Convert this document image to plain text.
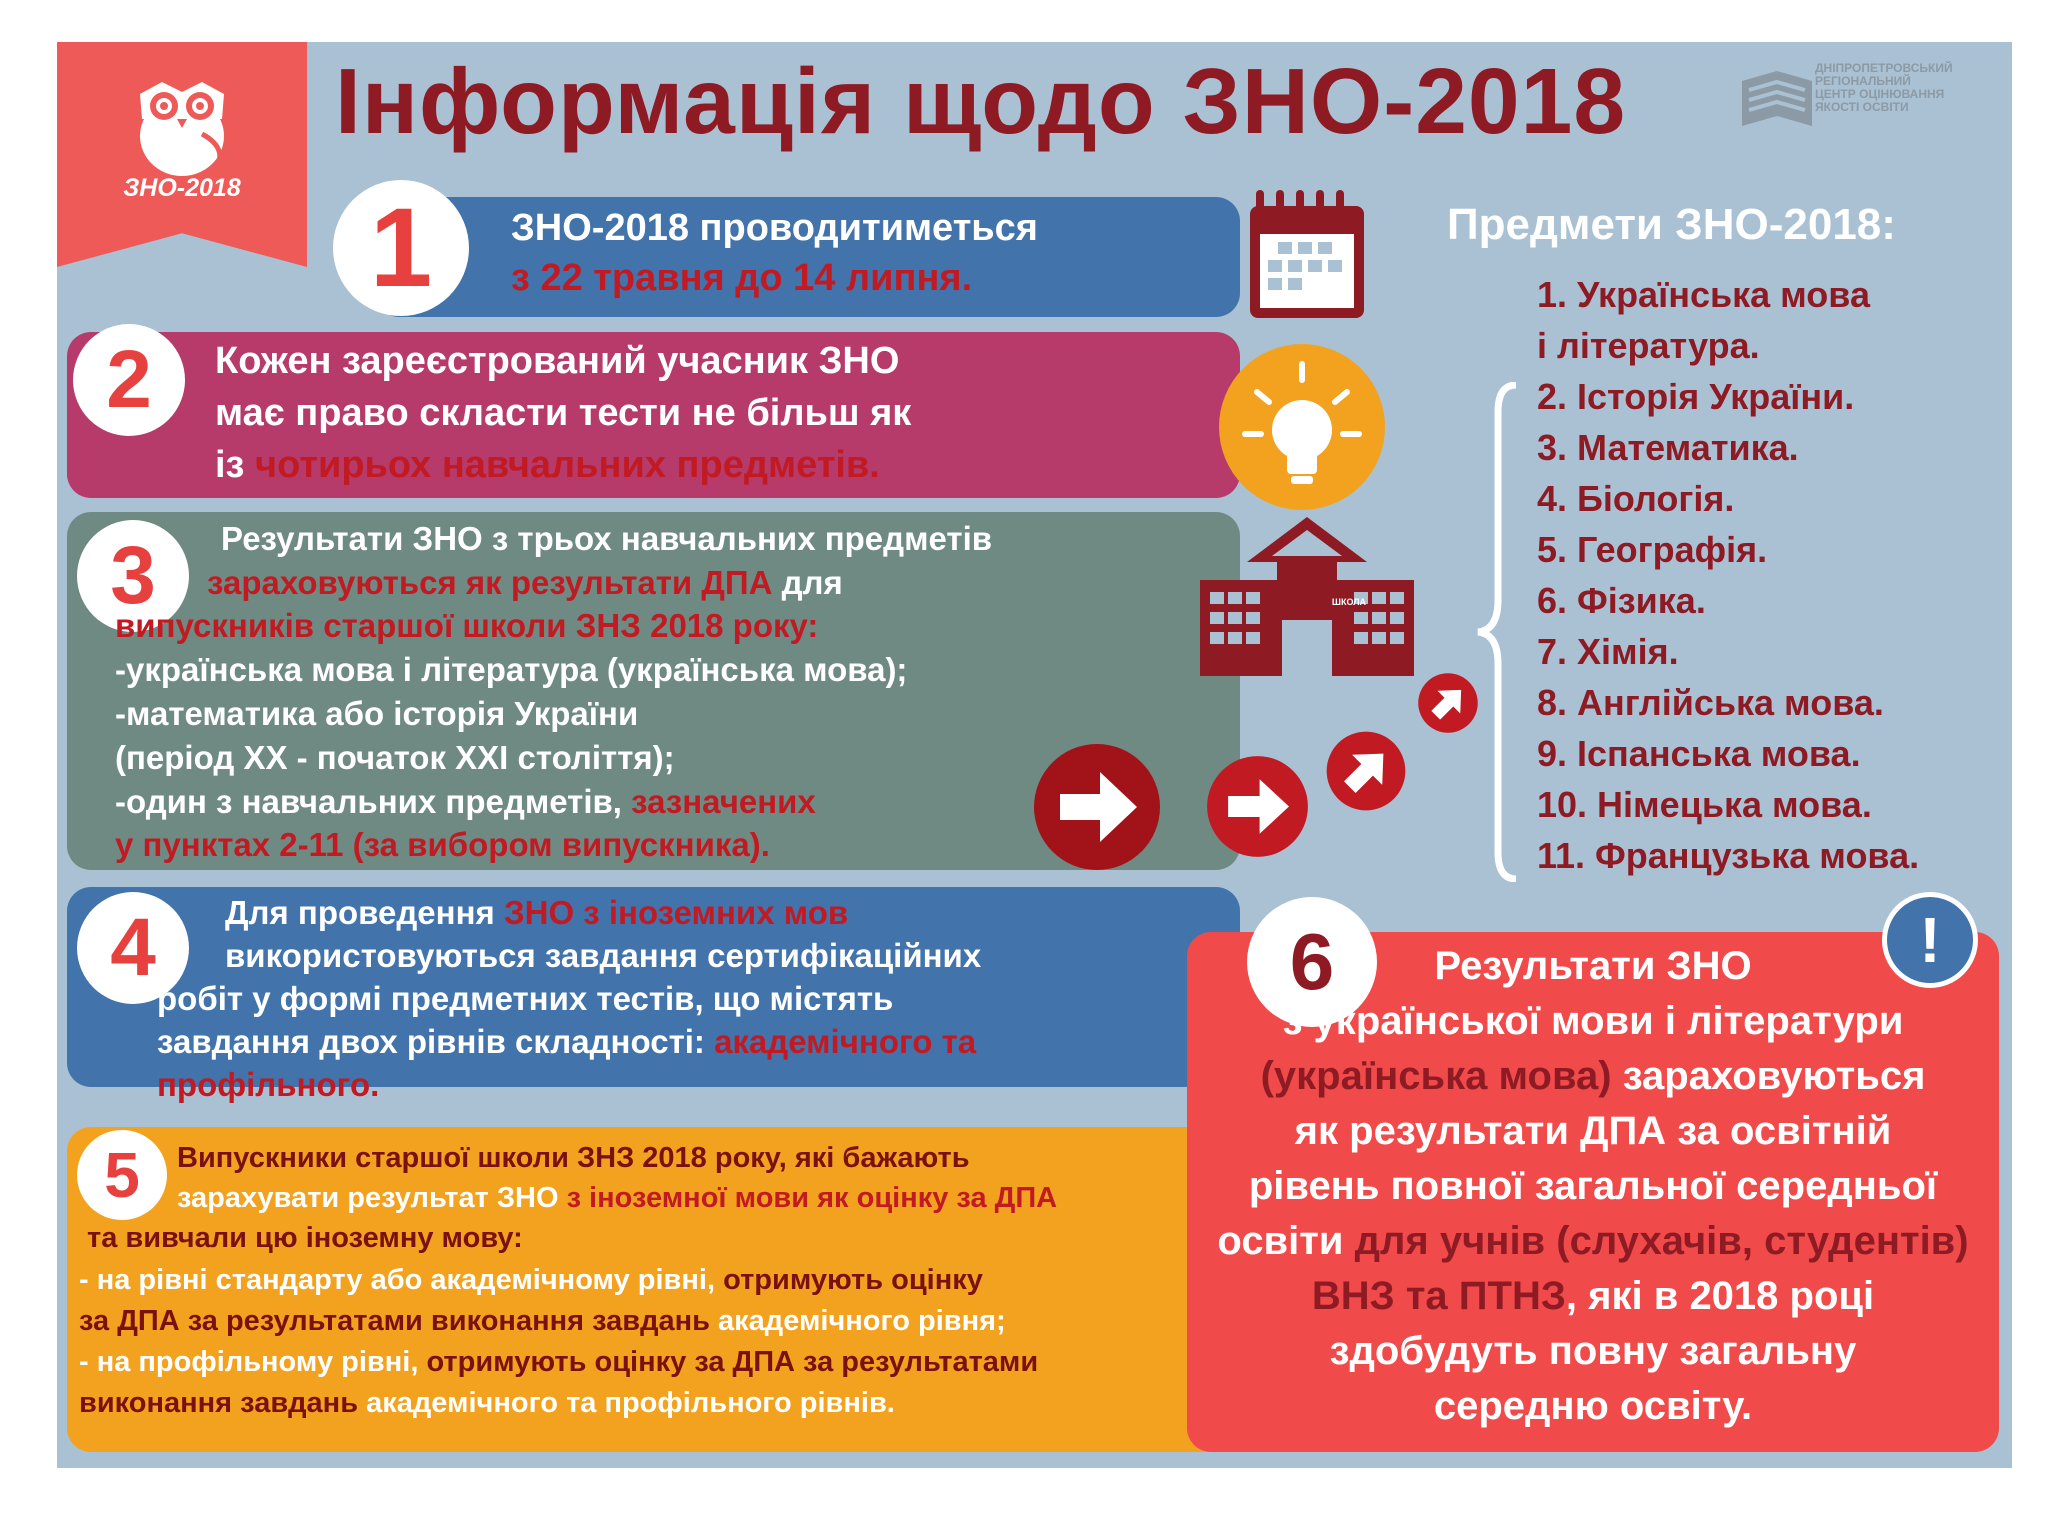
ЗНО-2018
Інформація щодо ЗНО-2018	ДНІПРОПЕТРОВСЬКИЙ
РЕГІОНАЛЬНИЙ
ЦЕНТР ОЦІНЮВАННЯ
ЯКОСТІ ОСВІТИ
1	ЗНО-2018 проводитиметься
з 22 травня до 14 липня.
2	Кожен зареєстрований учасник ЗНО
має право скласти тести не більш як
із чотирьох навчальних предметів.
3	Результати ЗНО з трьох навчальних предметів
зараховуються як результати ДПА для
випускників старшої школи ЗНЗ 2018 року:
-українська мова і література (українська мова);
-математика або історія України
(період XX - початок XXI століття);
-один з навчальних предметів, зазначених
у пунктах 2-11 (за вибором випускника).
4	Для проведення ЗНО з іноземних мов
використовуються завдання сертифікаційних
робіт у формі предметних тестів, що містять
завдання двох рівнів складності: академічного та
профільного.
5	Випускники старшої школи ЗНЗ 2018 року, які бажають
зарахувати результат ЗНО з іноземної мови як оцінку за ДПА
та вивчали цю іноземну мову:
- на рівні стандарту або академічному рівні, отримують оцінку
за ДПА за результатами виконання завдань академічного рівня;
- на профільному рівні, отримують оцінку за ДПА за результатами
виконання завдань академічного та профільного рівнів.
ШКОЛА
Предмети ЗНО-2018:
1. Українська мова
і література.
2. Історія України.
3. Математика.
4. Біологія.
5. Географія.
6. Фізика.
7. Хімія.
8. Англійська мова.
9. Іспанська мова.
10. Німецька мова.
11. Французька мова.
6	!
Результати ЗНО
з української мови і літератури
(українська мова) зараховуються
як результати ДПА за освітній
рівень повної загальної середньої
освіти для учнів (слухачів, студентів)
ВНЗ та ПТНЗ, які в 2018 році
здобудуть повну загальну
середню освіту.
